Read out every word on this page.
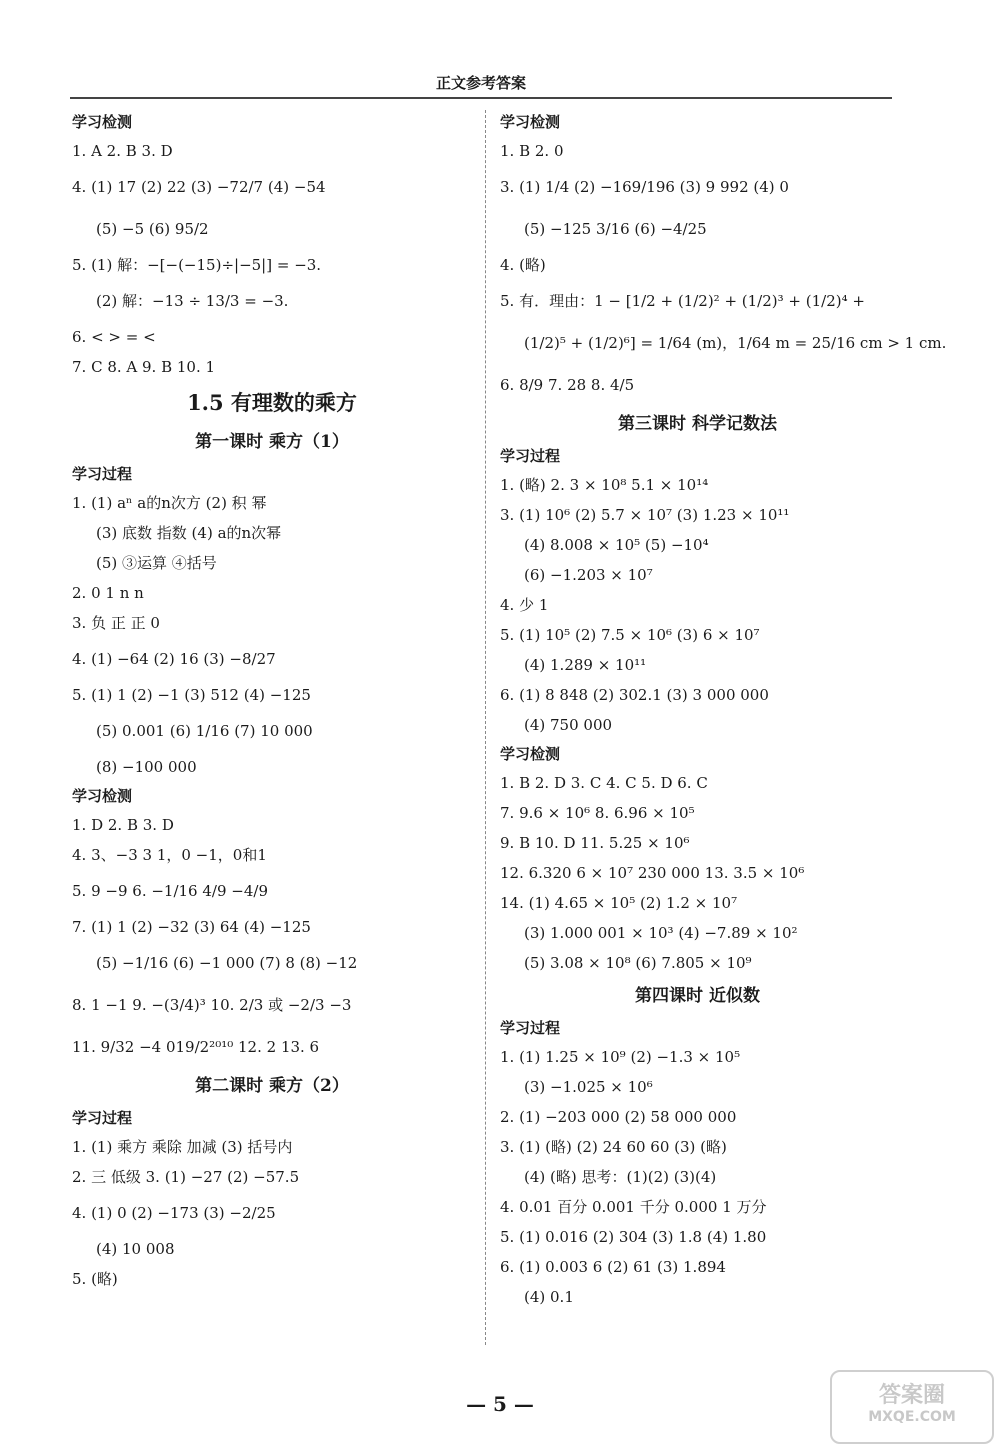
正文参考答案
学习检测
1. A 2. B 3. D
4. (1) 17 (2) 22 (3) −72/7 (4) −54
(5) −5 (6) 95/2
5. (1) 解：−[−(−15)÷|−5|] = −3.
(2) 解：−13 ÷ 13/3 = −3.
6. < > = <
7. C 8. A 9. B 10. 1
1.5 有理数的乘方
第一课时 乘方（1）
学习过程
1. (1) aⁿ a的n次方 (2) 积 幂
(3) 底数 指数 (4) a的n次幂
(5) ③运算 ④括号
2. 0 1 n n
3. 负 正 正 0
4. (1) −64 (2) 16 (3) −8/27
5. (1) 1 (2) −1 (3) 512 (4) −125
(5) 0.001 (6) 1/16 (7) 10 000
(8) −100 000
学习检测
1. D 2. B 3. D
4. 3、−3 3 1，0 −1，0和1
5. 9 −9 6. −1/16 4/9 −4/9
7. (1) 1 (2) −32 (3) 64 (4) −125
(5) −1/16 (6) −1 000 (7) 8 (8) −12
8. 1 −1 9. −(3/4)³ 10. 2/3 或 −2/3 −3
11. 9/32 −4 019/2²⁰¹⁰ 12. 2 13. 6
第二课时 乘方（2）
学习过程
1. (1) 乘方 乘除 加减 (3) 括号内
2. 三 低级 3. (1) −27 (2) −57.5
4. (1) 0 (2) −173 (3) −2/25
(4) 10 008
5. (略)
学习检测
1. B 2. 0
3. (1) 1/4 (2) −169/196 (3) 9 992 (4) 0
(5) −125 3/16 (6) −4/25
4. (略)
5. 有．理由：1 − [1/2 + (1/2)² + (1/2)³ + (1/2)⁴ +
(1/2)⁵ + (1/2)⁶] = 1/64 (m)，1/64 m = 25/16 cm > 1 cm.
6. 8/9 7. 28 8. 4/5
第三课时 科学记数法
学习过程
1. (略) 2. 3 × 10⁸ 5.1 × 10¹⁴
3. (1) 10⁶ (2) 5.7 × 10⁷ (3) 1.23 × 10¹¹
(4) 8.008 × 10⁵ (5) −10⁴
(6) −1.203 × 10⁷
4. 少 1
5. (1) 10⁵ (2) 7.5 × 10⁶ (3) 6 × 10⁷
(4) 1.289 × 10¹¹
6. (1) 8 848 (2) 302.1 (3) 3 000 000
(4) 750 000
学习检测
1. B 2. D 3. C 4. C 5. D 6. C
7. 9.6 × 10⁶ 8. 6.96 × 10⁵
9. B 10. D 11. 5.25 × 10⁶
12. 6.320 6 × 10⁷ 230 000 13. 3.5 × 10⁶
14. (1) 4.65 × 10⁵ (2) 1.2 × 10⁷
(3) 1.000 001 × 10³ (4) −7.89 × 10²
(5) 3.08 × 10⁸ (6) 7.805 × 10⁹
第四课时 近似数
学习过程
1. (1) 1.25 × 10⁹ (2) −1.3 × 10⁵
(3) −1.025 × 10⁶
2. (1) −203 000 (2) 58 000 000
3. (1) (略) (2) 24 60 60 (3) (略)
(4) (略) 思考：(1)(2) (3)(4)
4. 0.01 百分 0.001 千分 0.000 1 万分
5. (1) 0.016 (2) 304 (3) 1.8 (4) 1.80
6. (1) 0.003 6 (2) 61 (3) 1.894
(4) 0.1
— 5 —	答案圈
MXQE.COM
